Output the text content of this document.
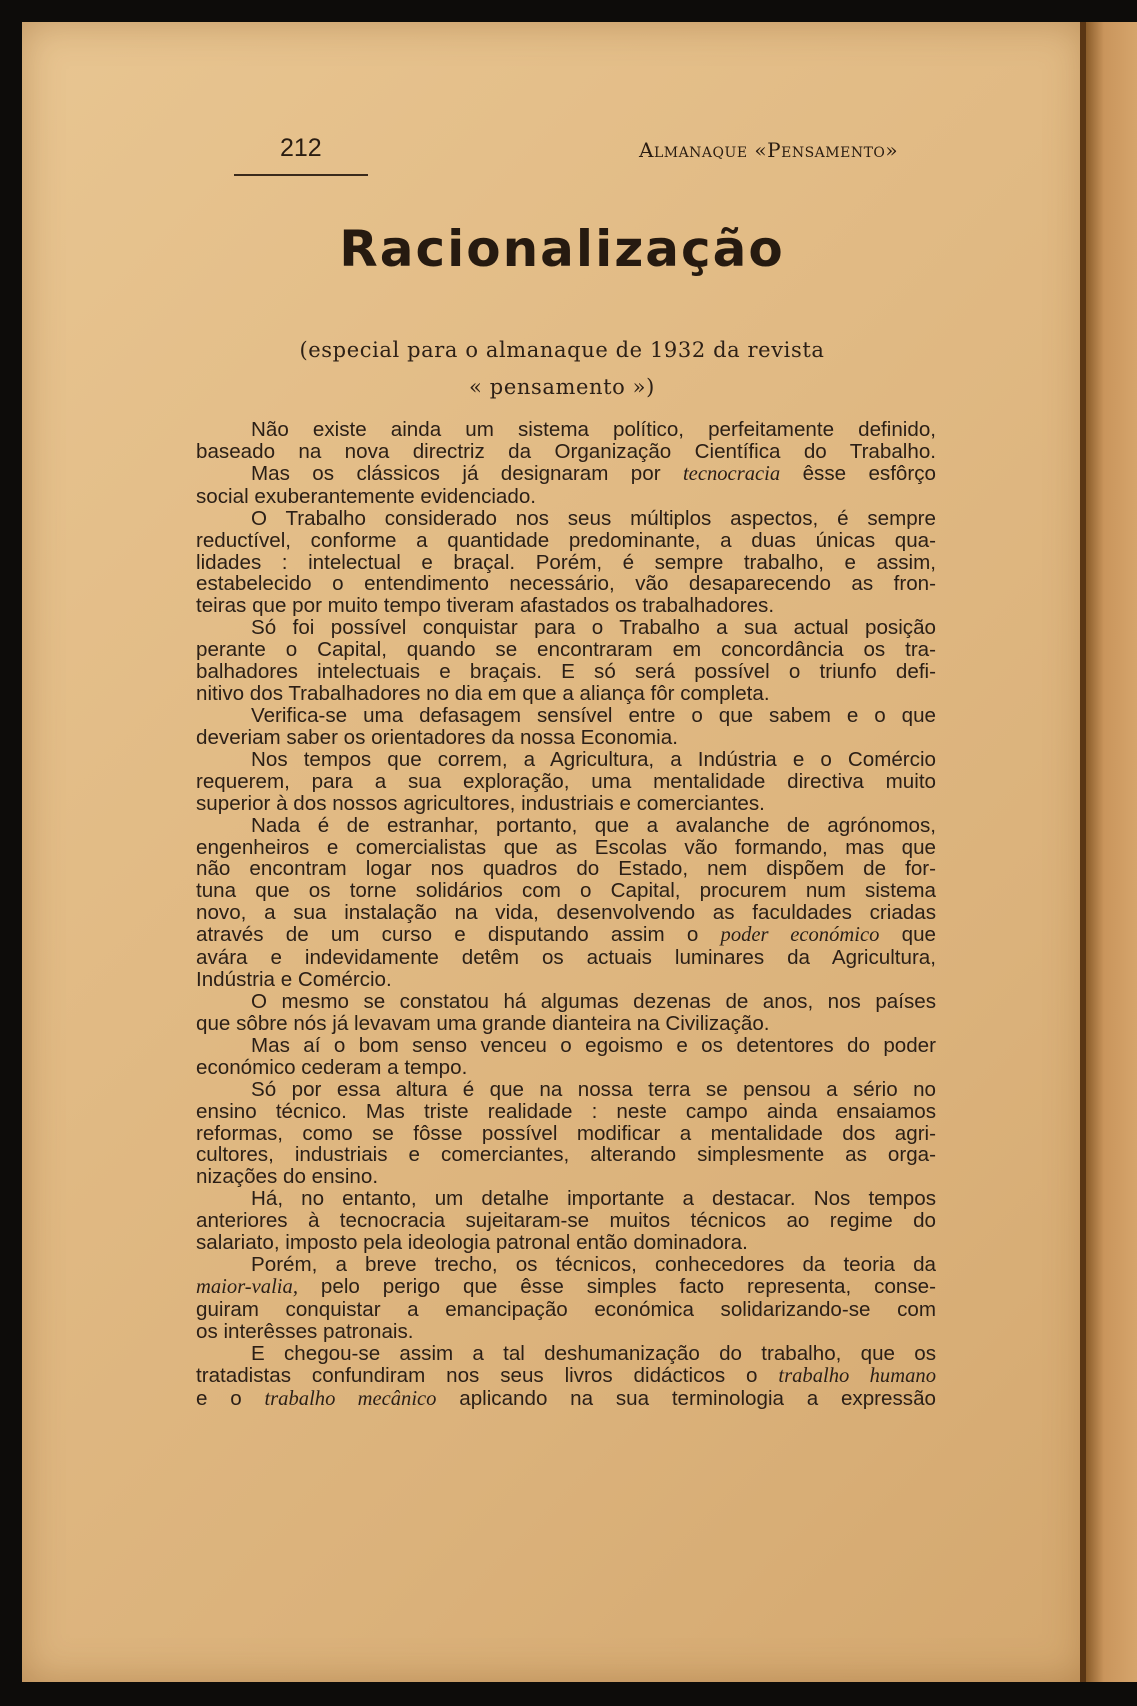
212	Almanaque «Pensamento»
Racionalização
(especial para o almanaque de 1932 da revista
« pensamento »)
Não existe ainda um sistema político, perfeitamente definido,
baseado na nova directriz da Organização Científica do Trabalho.
Mas os clássicos já designaram por tecnocracia êsse esfôrço
social exuberantemente evidenciado.
O Trabalho considerado nos seus múltiplos aspectos, é sempre
reductível, conforme a quantidade predominante, a duas únicas qua-
lidades : intelectual e braçal. Porém, é sempre trabalho, e assim,
estabelecido o entendimento necessário, vão desaparecendo as fron-
teiras que por muito tempo tiveram afastados os trabalhadores.
Só foi possível conquistar para o Trabalho a sua actual posição
perante o Capital, quando se encontraram em concordância os tra-
balhadores intelectuais e braçais. E só será possível o triunfo defi-
nitivo dos Trabalhadores no dia em que a aliança fôr completa.
Verifica-se uma defasagem sensível entre o que sabem e o que
deveriam saber os orientadores da nossa Economia.
Nos tempos que correm, a Agricultura, a Indústria e o Comércio
requerem, para a sua exploração, uma mentalidade directiva muito
superior à dos nossos agricultores, industriais e comerciantes.
Nada é de estranhar, portanto, que a avalanche de agrónomos,
engenheiros e comercialistas que as Escolas vão formando, mas que
não encontram logar nos quadros do Estado, nem dispõem de for-
tuna que os torne solidários com o Capital, procurem num sistema
novo, a sua instalação na vida, desenvolvendo as faculdades criadas
através de um curso e disputando assim o poder económico que
avára e indevidamente detêm os actuais luminares da Agricultura,
Indústria e Comércio.
O mesmo se constatou há algumas dezenas de anos, nos países
que sôbre nós já levavam uma grande dianteira na Civilização.
Mas aí o bom senso venceu o egoismo e os detentores do poder
económico cederam a tempo.
Só por essa altura é que na nossa terra se pensou a sério no
ensino técnico. Mas triste realidade : neste campo ainda ensaiamos
reformas, como se fôsse possível modificar a mentalidade dos agri-
cultores, industriais e comerciantes, alterando simplesmente as orga-
nizações do ensino.
Há, no entanto, um detalhe importante a destacar. Nos tempos
anteriores à tecnocracia sujeitaram-se muitos técnicos ao regime do
salariato, imposto pela ideologia patronal então dominadora.
Porém, a breve trecho, os técnicos, conhecedores da teoria da
maior-valia, pelo perigo que êsse simples facto representa, conse-
guiram conquistar a emancipação económica solidarizando-se com
os interêsses patronais.
E chegou-se assim a tal deshumanização do trabalho, que os
tratadistas confundiram nos seus livros didácticos o trabalho humano
e o trabalho mecânico aplicando na sua terminologia a expressão
